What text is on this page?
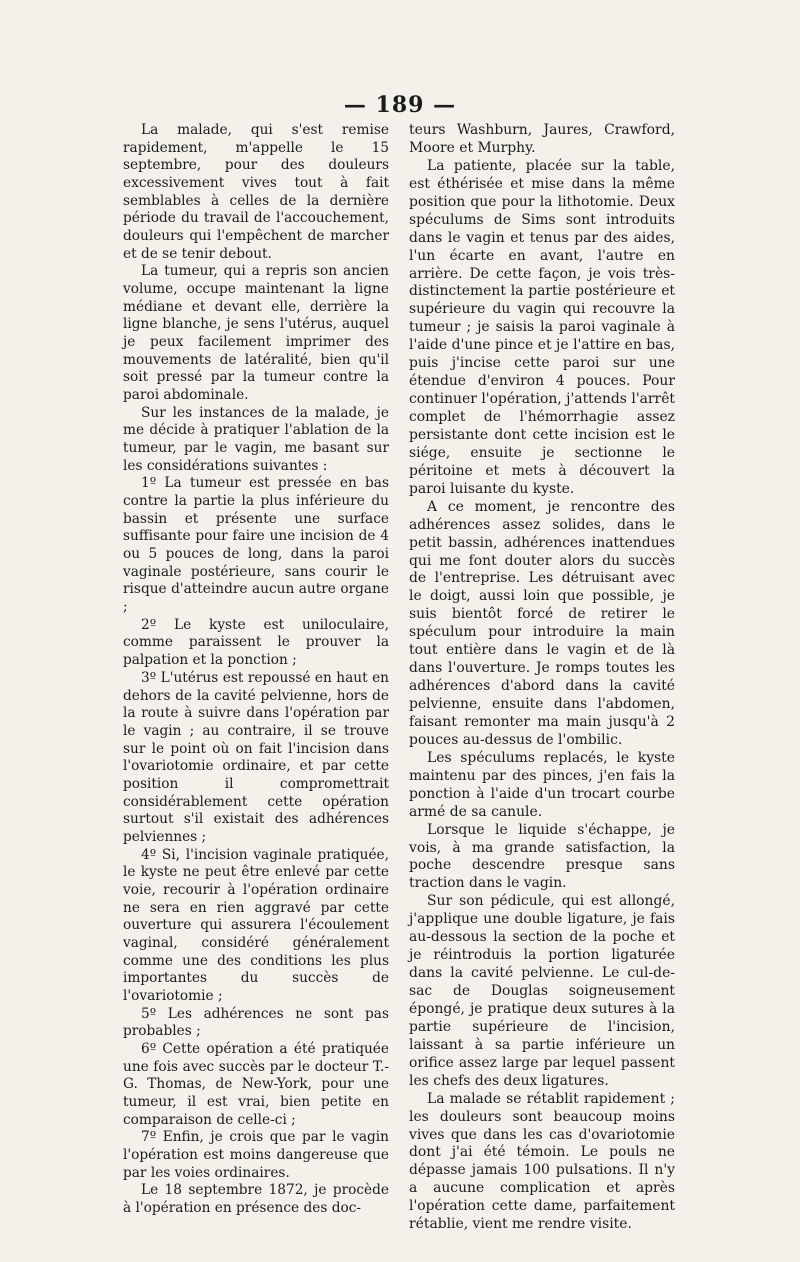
— 189 —

La malade, qui s'est remise rapidement, m'appelle le 15 septembre, pour des douleurs excessivement vives tout à fait semblables à celles de la dernière période du travail de l'accouchement, douleurs qui l'empêchent de marcher et de se tenir debout.

La tumeur, qui a repris son ancien volume, occupe maintenant la ligne médiane et devant elle, derrière la ligne blanche, je sens l'utérus, auquel je peux facilement imprimer des mouvements de latéralité, bien qu'il soit pressé par la tumeur contre la paroi abdominale.

Sur les instances de la malade, je me décide à pratiquer l'ablation de la tumeur, par le vagin, me basant sur les considérations suivantes :

1º La tumeur est pressée en bas contre la partie la plus inférieure du bassin et présente une surface suffisante pour faire une incision de 4 ou 5 pouces de long, dans la paroi vaginale postérieure, sans courir le risque d'atteindre aucun autre organe ;

2º Le kyste est uniloculaire, comme paraissent le prouver la palpation et la ponction ;

3º L'utérus est repoussé en haut en dehors de la cavité pelvienne, hors de la route à suivre dans l'opération par le vagin ; au contraire, il se trouve sur le point où on fait l'incision dans l'ovariotomie ordinaire, et par cette position il compromettrait considérablement cette opération surtout s'il existait des adhérences pelviennes ;

4º Si, l'incision vaginale pratiquée, le kyste ne peut être enlevé par cette voie, recourir à l'opération ordinaire ne sera en rien aggravé par cette ouverture qui assurera l'écoulement vaginal, considéré généralement comme une des conditions les plus importantes du succès de l'ovariotomie ;

5º Les adhérences ne sont pas probables ;

6º Cette opération a été pratiquée une fois avec succès par le docteur T.-G. Thomas, de New-York, pour une tumeur, il est vrai, bien petite en comparaison de celle-ci ;

7º Enfin, je crois que par le vagin l'opération est moins dangereuse que par les voies ordinaires.

Le 18 septembre 1872, je procède à l'opération en présence des doc-

teurs Washburn, Jaures, Crawford, Moore et Murphy.

La patiente, placée sur la table, est éthérisée et mise dans la même position que pour la lithotomie. Deux spéculums de Sims sont introduits dans le vagin et tenus par des aides, l'un écarte en avant, l'autre en arrière. De cette façon, je vois très-distinctement la partie postérieure et supérieure du vagin qui recouvre la tumeur ; je saisis la paroi vaginale à l'aide d'une pince et je l'attire en bas, puis j'incise cette paroi sur une étendue d'environ 4 pouces. Pour continuer l'opération, j'attends l'arrêt complet de l'hémorrhagie assez persistante dont cette incision est le siége, ensuite je sectionne le péritoine et mets à découvert la paroi luisante du kyste.

A ce moment, je rencontre des adhérences assez solides, dans le petit bassin, adhérences inattendues qui me font douter alors du succès de l'entreprise. Les détruisant avec le doigt, aussi loin que possible, je suis bientôt forcé de retirer le spéculum pour introduire la main tout entière dans le vagin et de là dans l'ouverture. Je romps toutes les adhérences d'abord dans la cavité pelvienne, ensuite dans l'abdomen, faisant remonter ma main jusqu'à 2 pouces au-dessus de l'ombilic.

Les spéculums replacés, le kyste maintenu par des pinces, j'en fais la ponction à l'aide d'un trocart courbe armé de sa canule.

Lorsque le liquide s'échappe, je vois, à ma grande satisfaction, la poche descendre presque sans traction dans le vagin.

Sur son pédicule, qui est allongé, j'applique une double ligature, je fais au-dessous la section de la poche et je réintroduis la portion ligaturée dans la cavité pelvienne. Le cul-de-sac de Douglas soigneusement épongé, je pratique deux sutures à la partie supérieure de l'incision, laissant à sa partie inférieure un orifice assez large par lequel passent les chefs des deux ligatures.

La malade se rétablit rapidement ; les douleurs sont beaucoup moins vives que dans les cas d'ovariotomie dont j'ai été témoin. Le pouls ne dépasse jamais 100 pulsations. Il n'y a aucune complication et après l'opération cette dame, parfaitement rétablie, vient me rendre visite.
